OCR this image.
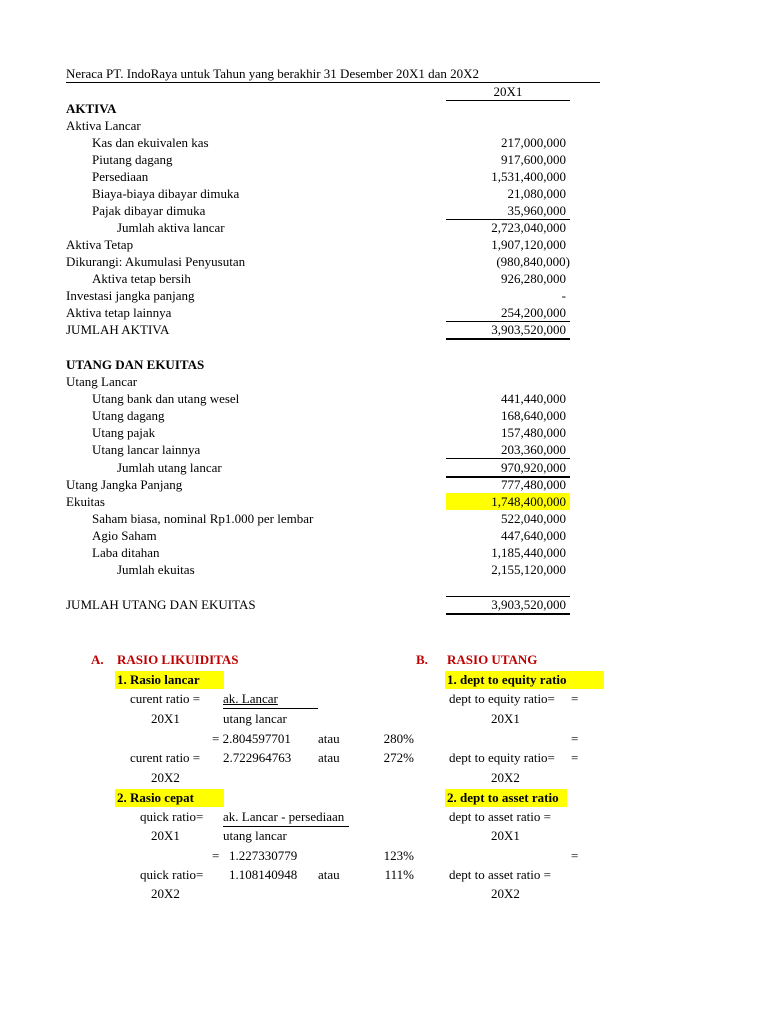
Neraca PT. IndoRaya untuk Tahun yang berakhir 31 Desember 20X1 dan 20X2
20X1
AKTIVA
Aktiva Lancar
Kas dan ekuivalen kas	217,000,000
Piutang dagang	917,600,000
Persediaan	1,531,400,000
Biaya-biaya dibayar dimuka	21,080,000
Pajak dibayar dimuka	35,960,000
Jumlah aktiva lancar	2,723,040,000
Aktiva Tetap	1,907,120,000
Dikurangi: Akumulasi Penyusutan	(980,840,000)
Aktiva tetap bersih	926,280,000
Investasi jangka panjang	-
Aktiva tetap lainnya	254,200,000
JUMLAH AKTIVA	3,903,520,000
UTANG DAN EKUITAS
Utang Lancar
Utang bank dan utang wesel	441,440,000
Utang dagang	168,640,000
Utang pajak	157,480,000
Utang lancar lainnya	203,360,000
Jumlah utang lancar	970,920,000
Utang Jangka Panjang	777,480,000
Ekuitas	1,748,400,000
Saham biasa, nominal Rp1.000 per lembar	522,040,000
Agio Saham	447,640,000
Laba ditahan	1,185,440,000
Jumlah ekuitas	2,155,120,000
JUMLAH UTANG DAN EKUITAS	3,903,520,000
A. RASIO LIKUIDITAS
1. Rasio lancar
curent ratio = ak. Lancar
20X1	utang lancar
= 2.804597701 atau	280%
curent ratio = 2.722964763 atau	272%
20X2
2. Rasio cepat
quick ratio= ak. Lancar - persediaan
20X1	utang lancar
= 1.227330779	123%
quick ratio= 1.108140948 atau	111%
20X2
B. RASIO UTANG
1. dept to equity ratio
dept to equity ratio=	=
20X1
=
dept to equity ratio=	=
20X2
2. dept to asset ratio
dept to asset ratio =
20X1
=
dept to asset ratio =
20X2
